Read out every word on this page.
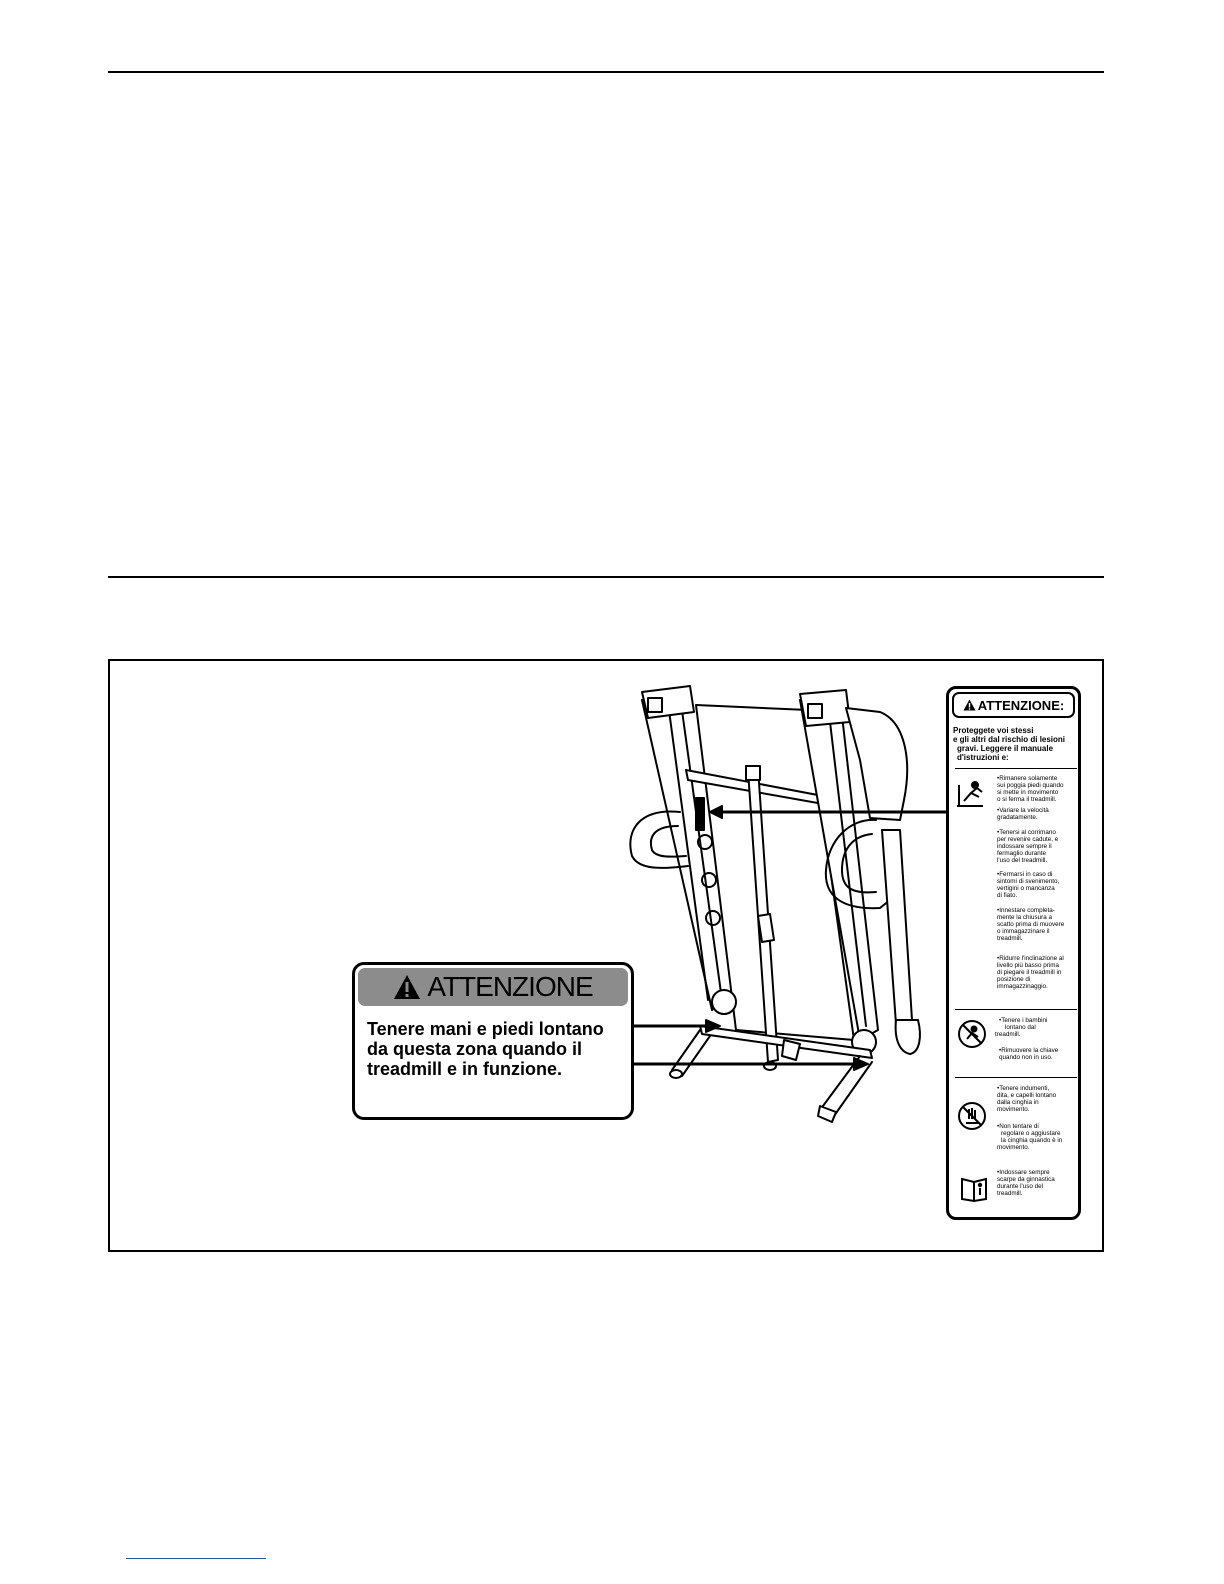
ATTENZIONE
Tenere mani e piedi lontano
da questa zona quando il
treadmill e in funzione.
ATTENZIONE:
Proteggete voi stessi
e gli altri dal rischio di lesioni
gravi. Leggere il manuale
d'istruzioni e:
•Rimanere solamente
sui poggia piedi quando
si mette in movimento
o si ferma il treadmill.
•Variare la velocità
gradatamente.
•Tenersi al corrimano
per revenire cadute, e
indossare sempre il
fermaglio durante
l'uso del treadmill.
•Fermarsi in caso di
sintomi di svenimento,
vertigini o mancanza
di fiato.
•Innestare completa-
mente la chiusura a
scatto prima di muovere
o immagazzinare il
treadmill.
•Ridurre l'inclinazione al
livello più basso prima
di piegare il treadmill in
posizione di
immagazzinaggio.
•Tenere i bambini
lontano dal
treadmill.
•Rimuovere la chiave
quando non in uso.
•Tenere indumenti,
dita, e capelli lontano
dalla cinghia in
movimento.
•Non tentare di
regolare o aggiustare
la cinghia quando è in
movimento.
•Indossare sempre
scarpe da ginnastica
durante l'uso del
treadmill.
